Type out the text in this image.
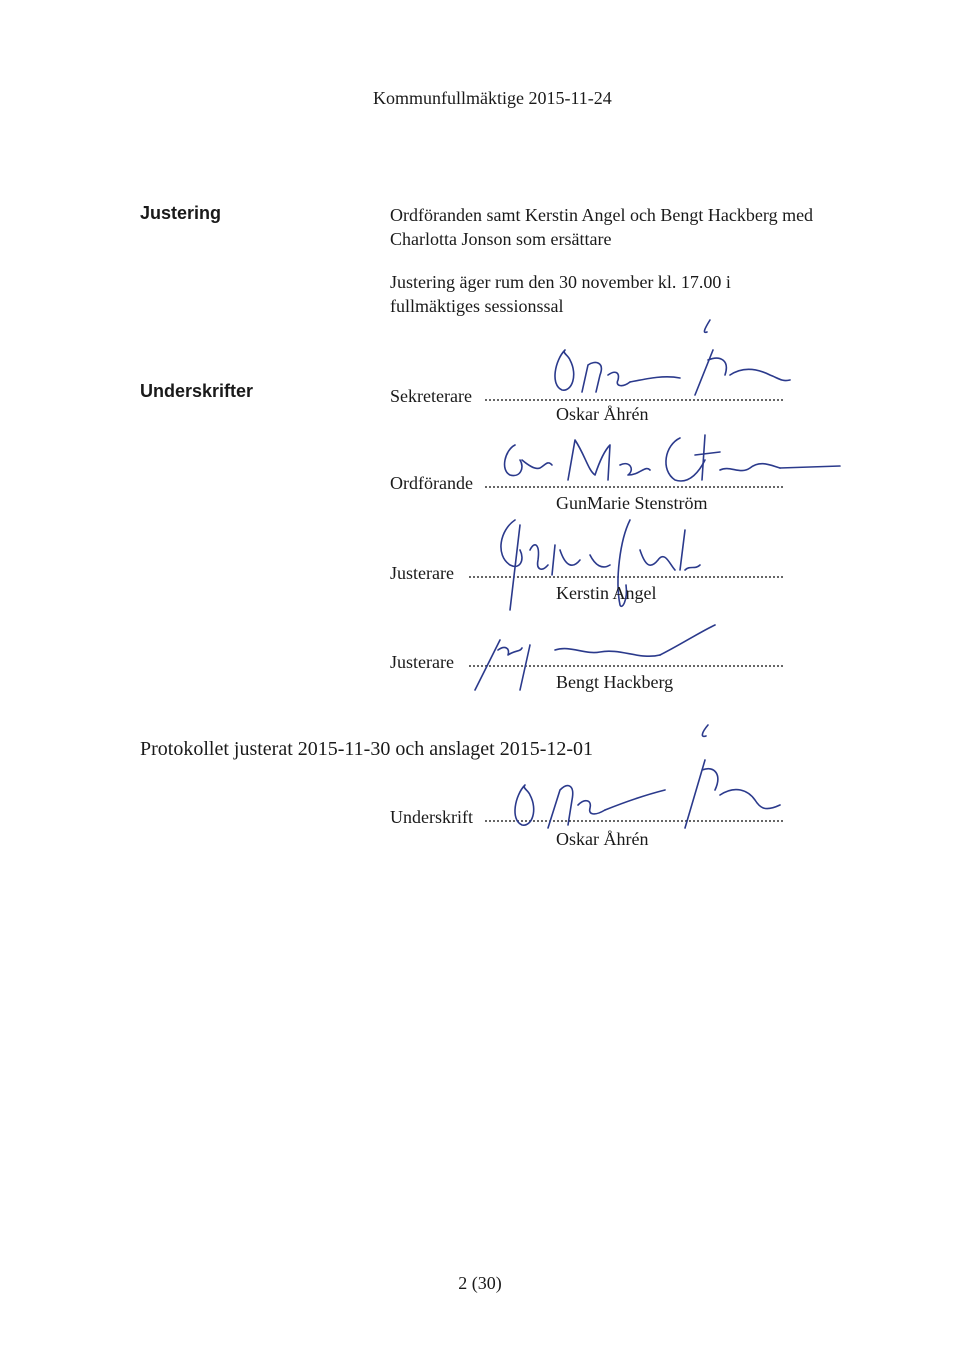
Kommunfullmäktige 2015-11-24
Justering	Ordföranden samt Kerstin Angel och Bengt Hackberg med
Charlotta Jonson som ersättare
Justering äger rum den 30 november kl. 17.00 i
fullmäktiges sessionssal
Underskrifter	Sekreterare
Oskar Åhrén
Ordförande
GunMarie Stenström
Justerare
Kerstin Angel
Justerare
Bengt Hackberg
Protokollet justerat 2015-11-30 och anslaget 2015-12-01
Underskrift
Oskar Åhrén
2 (30)
